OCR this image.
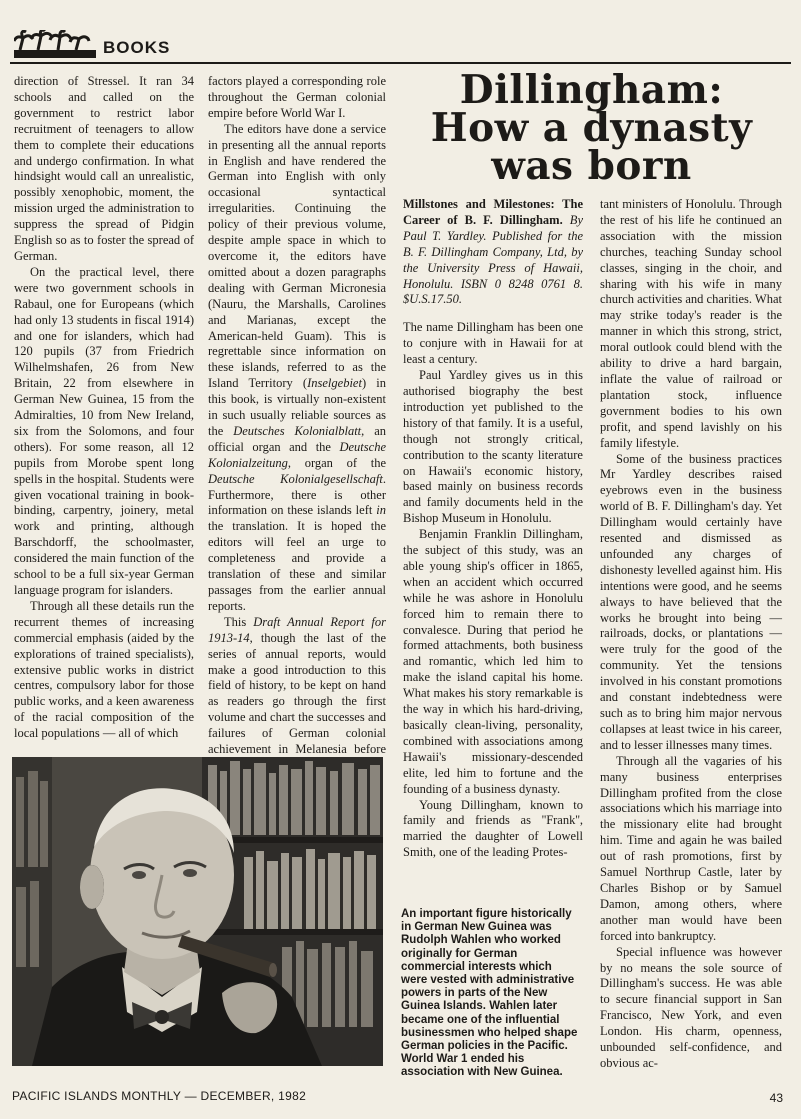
BOOKS

direction of Stressel. It ran 34 schools and called on the government to restrict labor recruitment of teenagers to allow them to complete their educations and undergo confirmation. In what hindsight would call an unrealistic, possibly xenophobic, moment, the mission urged the administration to suppress the spread of Pidgin English so as to foster the spread of German.

On the practical level, there were two government schools in Rabaul, one for Europeans (which had only 13 students in fiscal 1914) and one for islanders, which had 120 pupils (37 from Friedrich Wilhelmshafen, 26 from New Britain, 22 from elsewhere in German New Guinea, 15 from the Admiralties, 10 from New Ireland, six from the Solomons, and four others). For some reason, all 12 pupils from Morobe spent long spells in the hospital. Students were given vocational training in book-binding, carpentry, joinery, metal work and printing, although Barschdorff, the schoolmaster, considered the main function of the school to be a full six-year German language program for islanders.

Through all these details run the recurrent themes of increasing commercial emphasis (aided by the explorations of trained specialists), extensive public works in district centres, compulsory labor for those public works, and a keen awareness of the racial composition of the local populations — all of which

factors played a corresponding role throughout the German colonial empire before World War I.

The editors have done a service in presenting all the annual reports in English and have rendered the German into English with only occasional syntactical irregularities. Continuing the policy of their previous volume, despite ample space in which to overcome it, the editors have omitted about a dozen paragraphs dealing with German Micronesia (Nauru, the Marshalls, Carolines and Marianas, except the American-held Guam). This is regrettable since information on these islands, referred to as the Island Territory (Inselgebiet) in this book, is virtually non-existent in such usually reliable sources as the Deutsches Kolonialblatt, an official organ and the Deutsche Kolonialzeitung, organ of the Deutsche Kolonialgesellschaft. Furthermore, there is other information on these islands left in the translation. It is hoped the editors will feel an urge to completeness and provide a translation of these and similar passages from the earlier annual reports.

This Draft Annual Report for 1913-14, though the last of the series of annual reports, would make a good introduction to this field of history, to be kept on hand as readers go through the first volume and chart the successes and failures of German colonial achievement in Melanesia before

Dillingham:
How a dynasty
was born

Millstones and Milestones: The Career of B. F. Dillingham. By Paul T. Yardley. Published for the B. F. Dillingham Company, Ltd, by the University Press of Hawaii, Honolulu. ISBN 0 8248 0761 8. $U.S.17.50.

The name Dillingham has been one to conjure with in Hawaii for at least a century.

Paul Yardley gives us in this authorised biography the best introduction yet published to the history of that family. It is a useful, though not strongly critical, contribution to the scanty literature on Hawaii's economic history, based mainly on business records and family documents held in the Bishop Museum in Honolulu.

Benjamin Franklin Dillingham, the subject of this study, was an able young ship's officer in 1865, when an accident which occurred while he was ashore in Honolulu forced him to remain there to convalesce. During that period he formed attachments, both business and romantic, which led him to make the island capital his home. What makes his story remarkable is the way in which his hard-driving, basically clean-living, personality, combined with associations among Hawaii's missionary-descended elite, led him to fortune and the founding of a business dynasty.

Young Dillingham, known to family and friends as ''Frank'', married the daughter of Lowell Smith, one of the leading Protes-

tant ministers of Honolulu. Through the rest of his life he continued an association with the mission churches, teaching Sunday school classes, singing in the choir, and sharing with his wife in many church activities and charities. What may strike today's reader is the manner in which this strong, strict, moral outlook could blend with the ability to drive a hard bargain, inflate the value of railroad or plantation stock, influence government bodies to his own profit, and spend lavishly on his family lifestyle.

Some of the business practices Mr Yardley describes raised eyebrows even in the business world of B. F. Dillingham's day. Yet Dillingham would certainly have resented and dismissed as unfounded any charges of dishonesty levelled against him. His intentions were good, and he seems always to have believed that the works he brought into being — railroads, docks, or plantations — were truly for the good of the community. Yet the tensions involved in his constant promotions and constant indebtedness were such as to bring him major nervous collapses at least twice in his career, and to lesser illnesses many times.

Through all the vagaries of his many business enterprises Dillingham profited from the close associations which his marriage into the missionary elite had brought him. Time and again he was bailed out of rash promotions, first by Samuel Northrup Castle, later by Charles Bishop or by Samuel Damon, among others, where another man would have been forced into bankruptcy.

Special influence was however by no means the sole source of Dillingham's success. He was able to secure financial support in San Francisco, New York, and even London. His charm, openness, unbounded self-confidence, and obvious ac-

An important figure historically in German New Guinea was Rudolph Wahlen who worked originally for German commercial interests which were vested with administrative powers in parts of the New Guinea Islands. Wahlen later became one of the influential businessmen who helped shape German policies in the Pacific. World War 1 ended his association with New Guinea.
PACIFIC ISLANDS MONTHLY — DECEMBER, 1982	43
